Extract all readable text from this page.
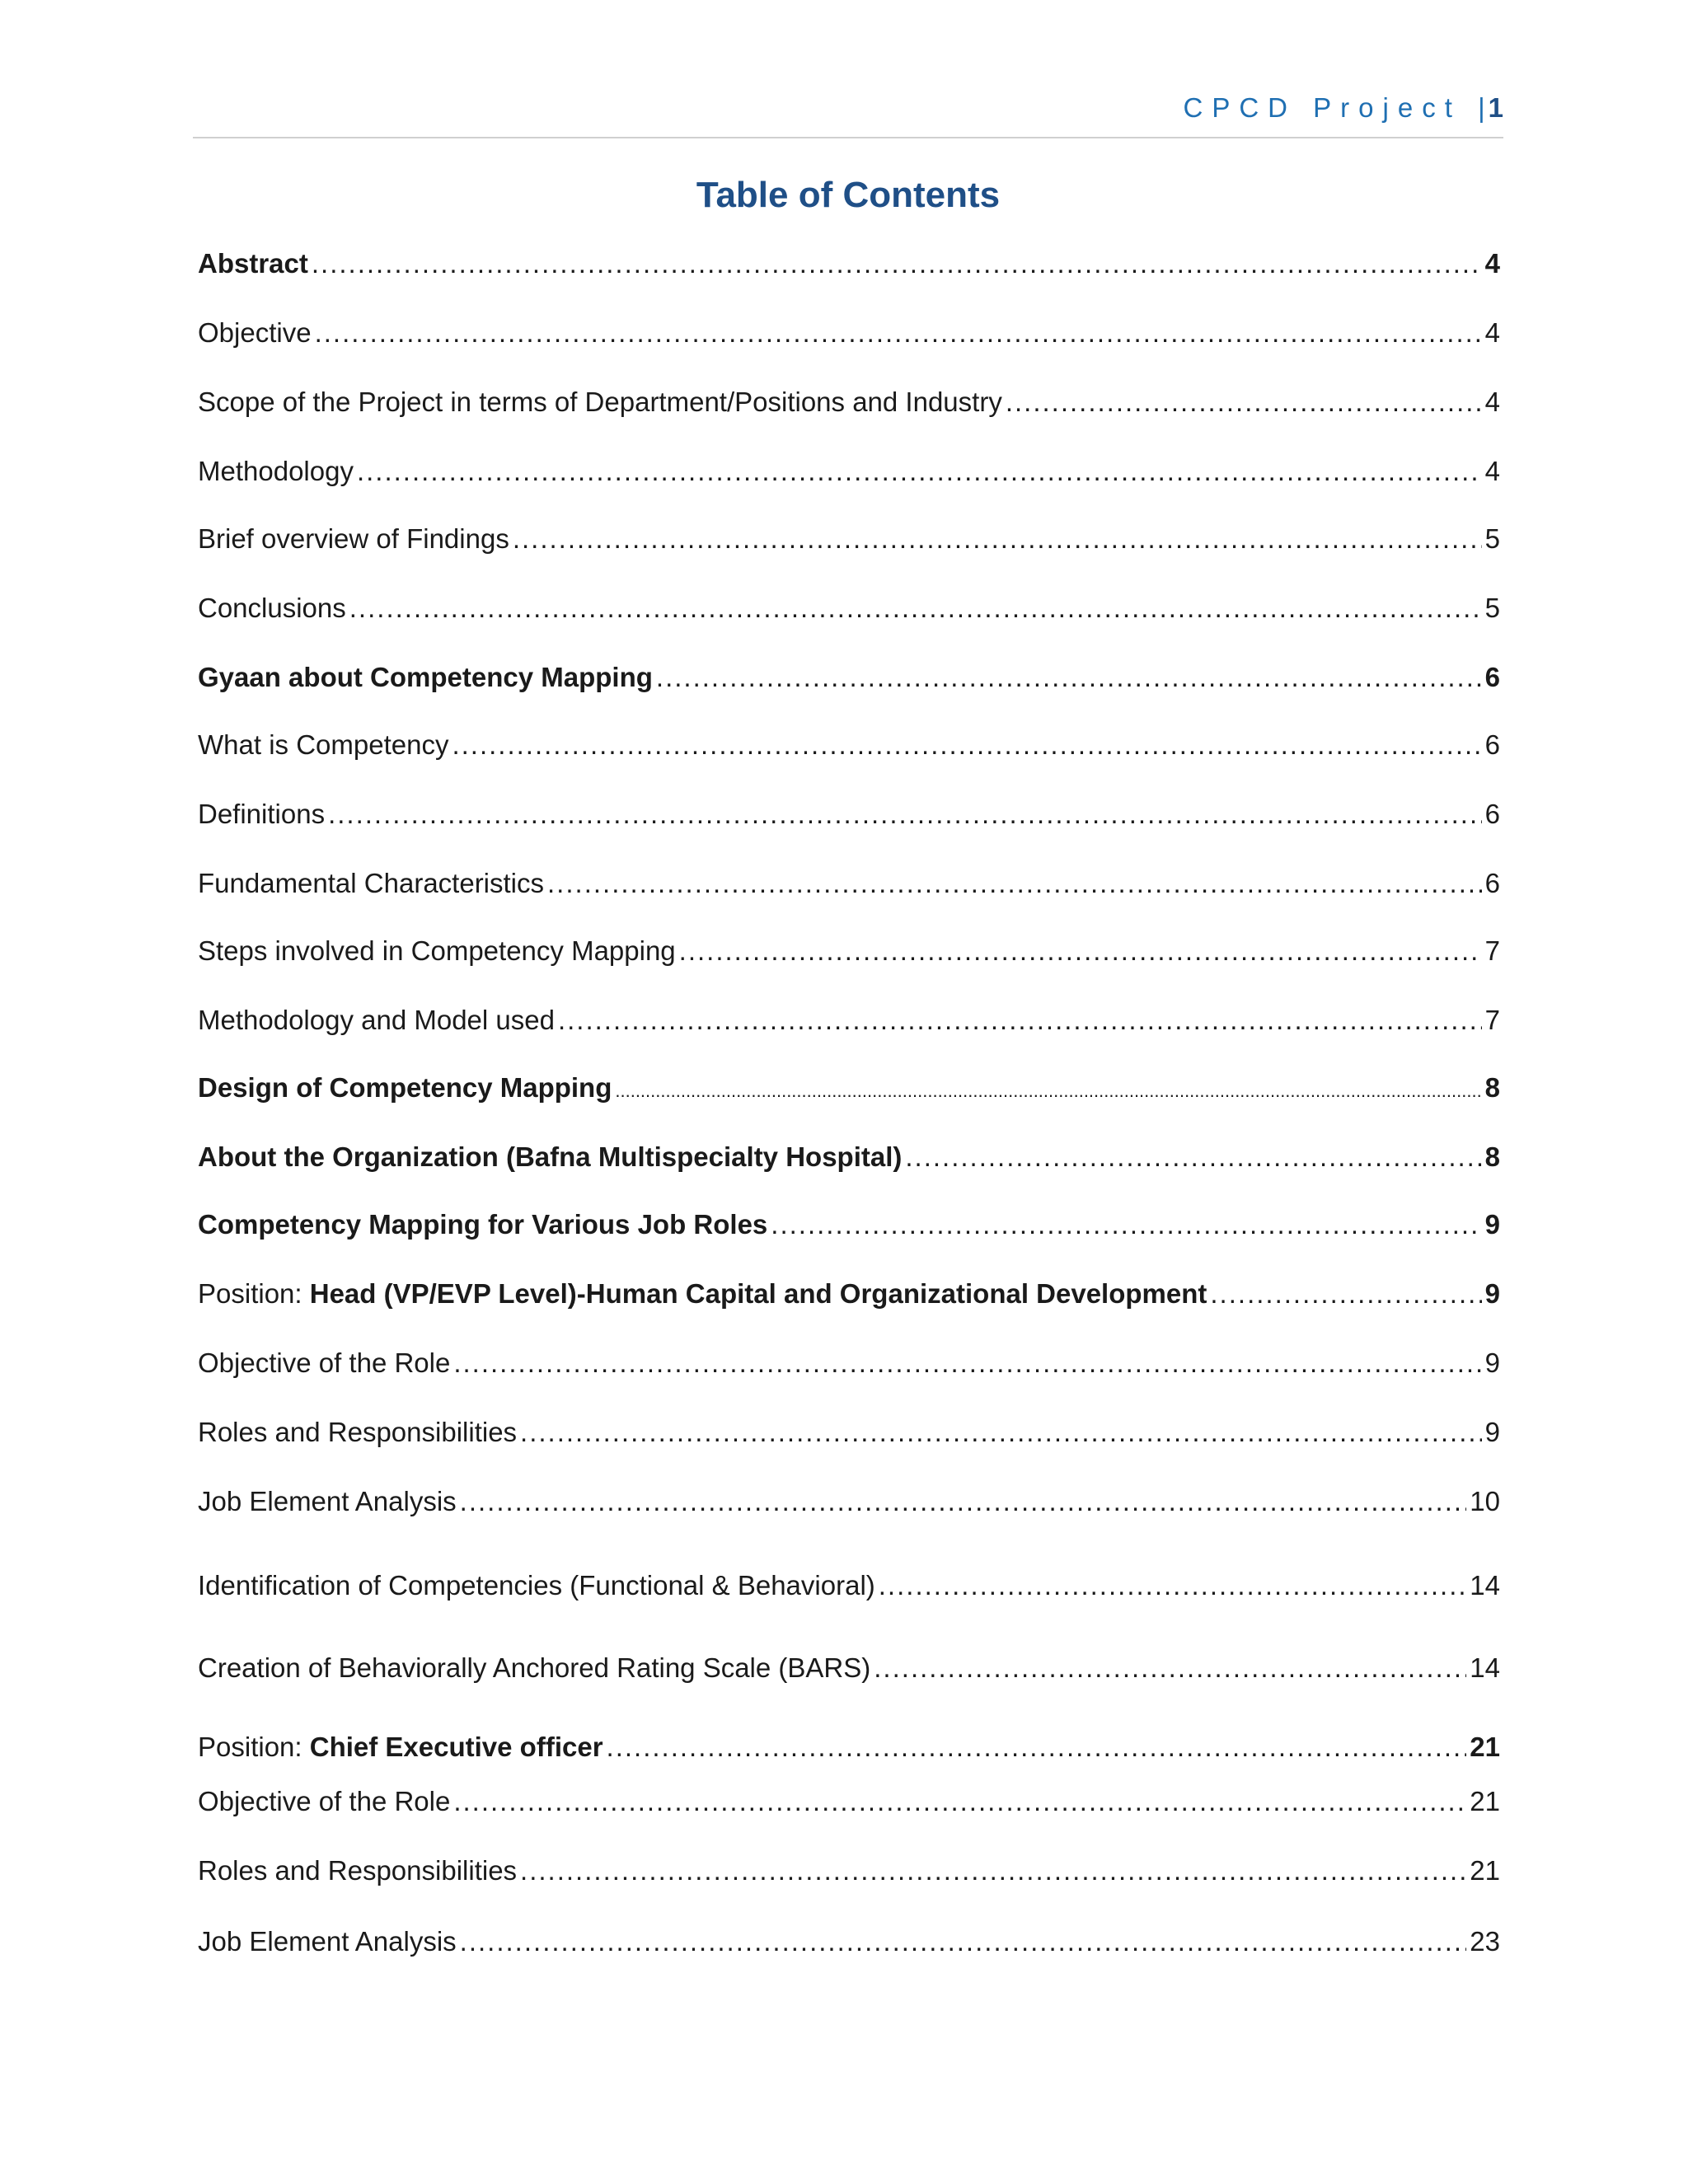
CPCD Project |1
Table of Contents
Abstract .....	4
Objective .....	4
Scope of the Project in terms of Department/Positions and Industry .....	4
Methodology .....	4
Brief overview of Findings .....	5
Conclusions .....	5
Gyaan about Competency Mapping .....	6
What is Competency .....	6
Definitions .....	6
Fundamental Characteristics .....	6
Steps involved in Competency Mapping .....	7
Methodology and Model used .....	7
Design of Competency Mapping .....	8
About the Organization (Bafna Multispecialty Hospital) .....	8
Competency Mapping for Various Job Roles .....	9
Position: Head (VP/EVP Level)-Human Capital and Organizational Development .....	9
Objective of the Role .....	9
Roles and Responsibilities .....	9
Job Element Analysis .....	10
Identification of Competencies (Functional & Behavioral) .....	14
Creation of Behaviorally Anchored Rating Scale (BARS) .....	14
Position: Chief Executive officer .....	21
Objective of the Role .....	21
Roles and Responsibilities .....	21
Job Element Analysis .....	23
